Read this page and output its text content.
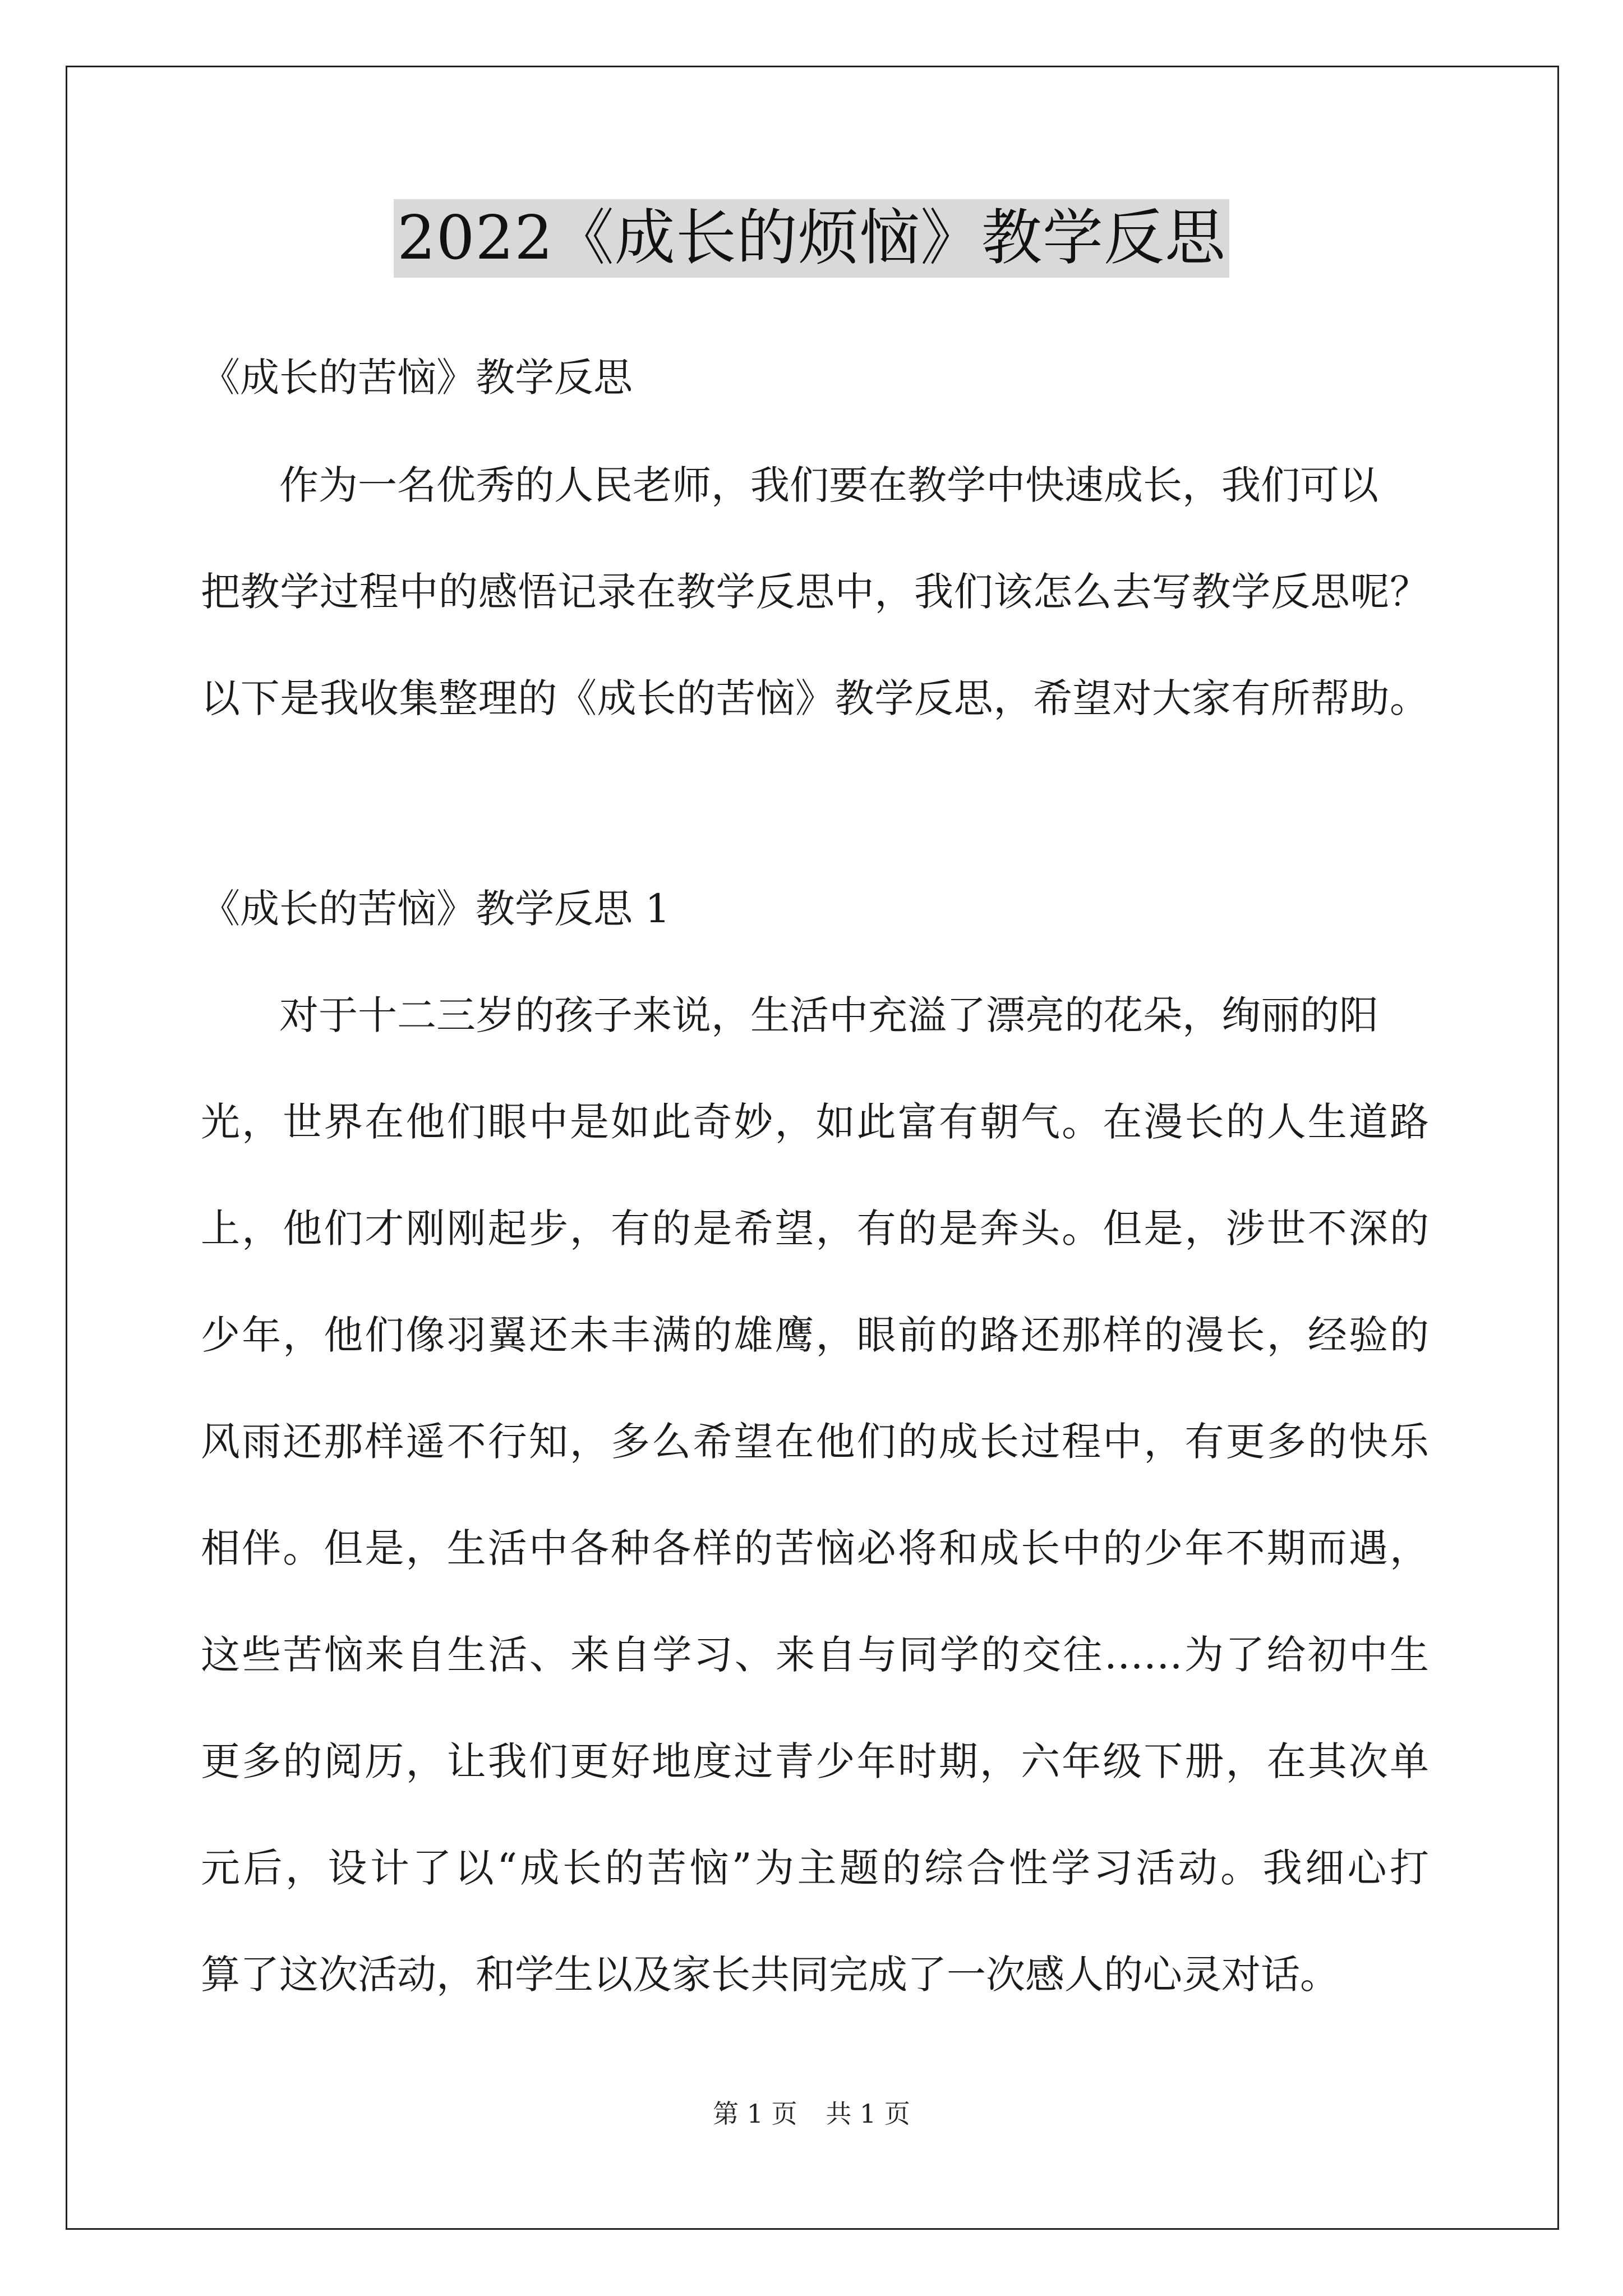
2022《成长的烦恼》教学反思
《成长的苦恼》教学反思
作为一名优秀的人民老师，我们要在教学中快速成长，我们可以
把教学过程中的感悟记录在教学反思中，我们该怎么去写教学反思呢？
以下是我收集整理的《成长的苦恼》教学反思，希望对大家有所帮助。
《成长的苦恼》教学反思 1
对于十二三岁的孩子来说，生活中充溢了漂亮的花朵，绚丽的阳
光，世界在他们眼中是如此奇妙，如此富有朝气。在漫长的人生道路
上，他们才刚刚起步，有的是希望，有的是奔头。但是，涉世不深的
少年，他们像羽翼还未丰满的雄鹰，眼前的路还那样的漫长，经验的
风雨还那样遥不行知，多么希望在他们的成长过程中，有更多的快乐
相伴。但是，生活中各种各样的苦恼必将和成长中的少年不期而遇，
这些苦恼来自生活、来自学习、来自与同学的交往……为了给初中生
更多的阅历，让我们更好地度过青少年时期，六年级下册，在其次单
元后，设计了以“成长的苦恼”为主题的综合性学习活动。我细心打
算了这次活动，和学生以及家长共同完成了一次感人的心灵对话。
第 1 页 共 1 页
